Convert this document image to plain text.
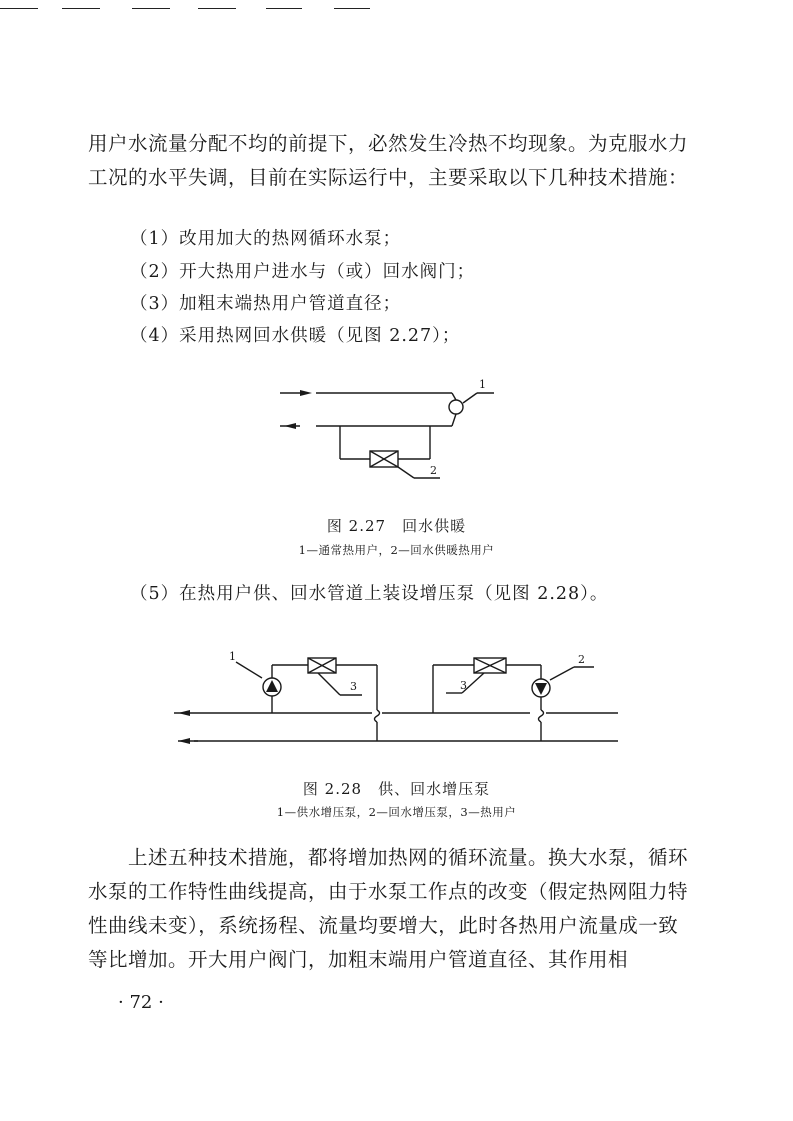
用户水流量分配不均的前提下，必然发生冷热不均现象。为克服水力工况的水平失调，目前在实际运行中，主要采取以下几种技术措施：

（1）改用加大的热网循环水泵；
（2）开大热用户进水与（或）回水阀门；
（3）加粗末端热用户管道直径；
（4）采用热网回水供暖（见图 2.27）；
1
2
1	2
3	3
图 2.27　回水供暖
1—通常热用户，2—回水供暖热用户
（5）在热用户供、回水管道上装设增压泵（见图 2.28）。
图 2.28　供、回水增压泵
1—供水增压泵，2—回水增压泵，3—热用户

上述五种技术措施，都将增加热网的循环流量。换大水泵，循环水泵的工作特性曲线提高，由于水泵工作点的改变（假定热网阻力特性曲线未变），系统扬程、流量均要增大，此时各热用户流量成一致等比增加。开大用户阀门，加粗末端用户管道直径、其作用相

· 72 ·
